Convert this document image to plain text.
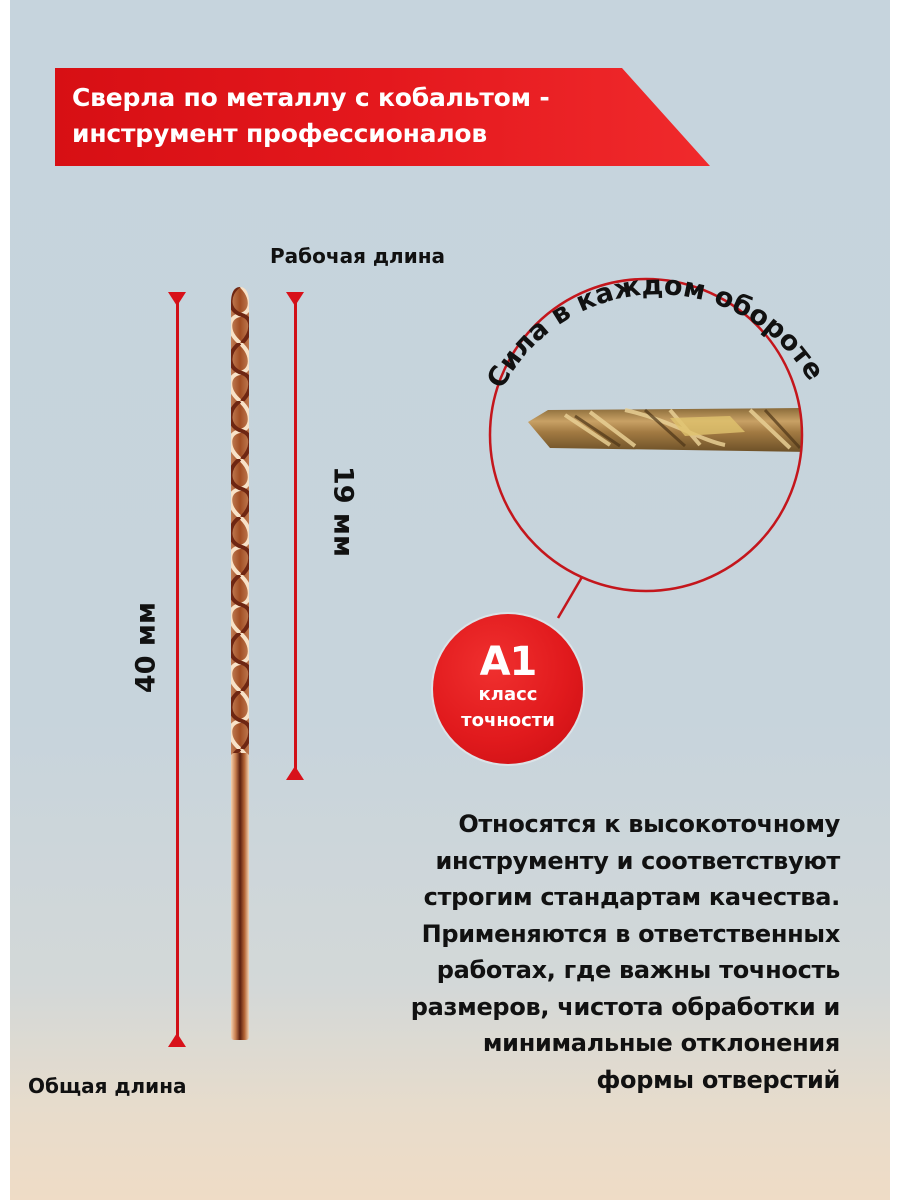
Сверла по металлу с кобальтом -
инструмент профессионалов
Рабочая длина
40 мм
19 мм
Сила в каждом обороте
A1
класс
точности
Относятся к высокоточному
инструменту и соответствуют
строгим стандартам качества.
Применяются в ответственных
работах, где важны точность
размеров, чистота обработки и
минимальные отклонения
формы отверстий
Общая длина
